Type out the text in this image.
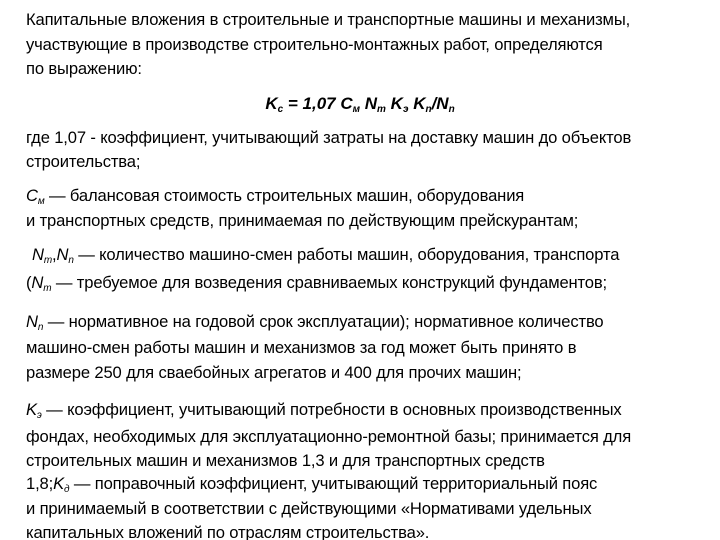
Капитальные вложения в строительные и транспортные машины и механизмы,
участвующие в производстве строительно-монтажных работ, определяются
по выражению:
$K_c = 1,07$ $C_м$ $N_m$ $K_э$ $K_n/N_n$
где 1,07 - коэффициент, учитывающий затраты на доставку машин до объектов
строительства;
$C_м$ — балансовая стоимость строительных машин, оборудования
и транспортных средств, принимаемая по действующим прейскурантам;
$N_m,N_n$ — количество машино-смен работы машин, оборудования, транспорта
($N_m$ — требуемое для возведения сравниваемых конструкций фундаментов;
$N_n$ — нормативное на годовой срок эксплуатации); нормативное количество
машино-смен работы машин и механизмов за год может быть принято в
размере 250 для сваебойных агрегатов и 400 для прочих машин;
$K_э$ — коэффициент, учитывающий потребности в основных производственных
фондах, необходимых для эксплуатационно-ремонтной базы; принимается для
строительных машин и механизмов 1,3 и для транспортных средств
$1,8;K_д$ — поправочный коэффициент, учитывающий территориальный пояс
и принимаемый в соответствии с действующими «Нормативами удельных
капитальных вложений по отраслям строительства».
